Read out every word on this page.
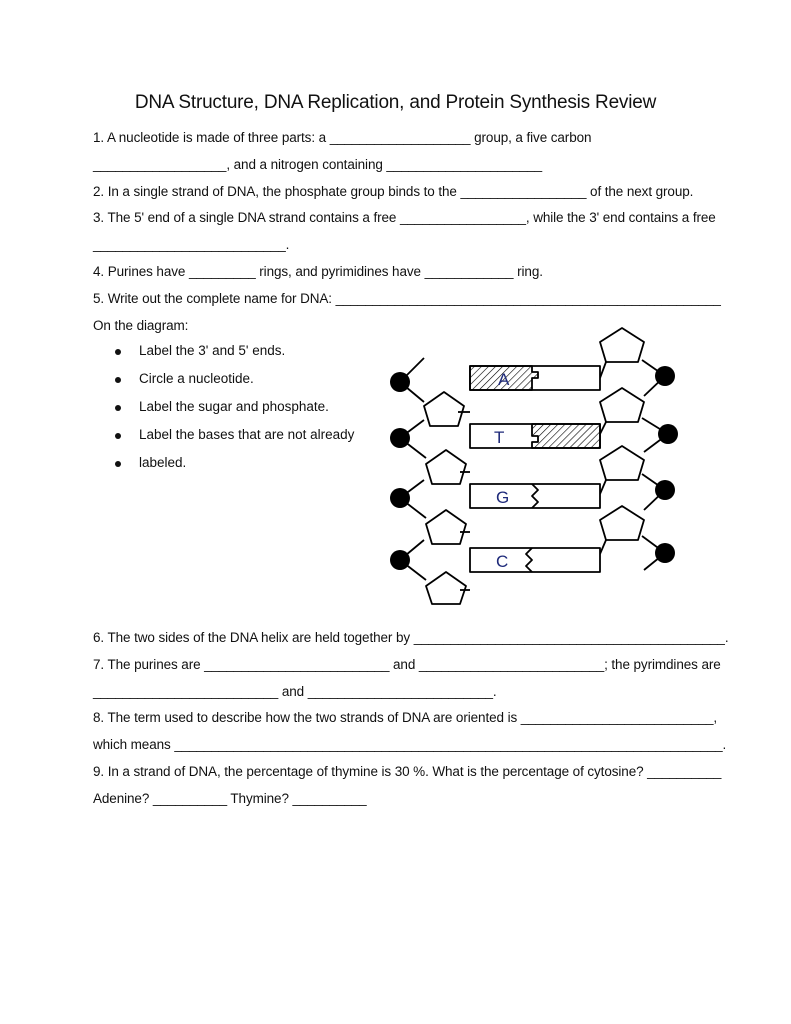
DNA Structure, DNA Replication, and Protein Synthesis Review
1. A nucleotide is made of three parts: a ___________________ group, a five carbon
__________________, and a nitrogen containing _____________________
2. In a single strand of DNA, the phosphate group binds to the _________________ of the next group.
3. The 5' end of a single DNA strand contains a free _________________, while the 3' end contains a free
__________________________.
4. Purines have _________ rings, and pyrimidines have ____________ ring.
5. Write out the complete name for DNA: ____________________________________________________
On the diagram:
Label the 3' and 5' ends.
Circle a nucleotide.
Label the sugar and phosphate.
Label the bases that are not already
labeled.
A
T
G
C
6. The two sides of the DNA helix are held together by __________________________________________.
7. The purines are _________________________ and _________________________; the pyrimdines are
_________________________ and _________________________.
8. The term used to describe how the two strands of DNA are oriented is __________________________,
which means __________________________________________________________________________.
9. In a strand of DNA, the percentage of thymine is 30 %. What is the percentage of cytosine? __________
Adenine? __________ Thymine? __________
